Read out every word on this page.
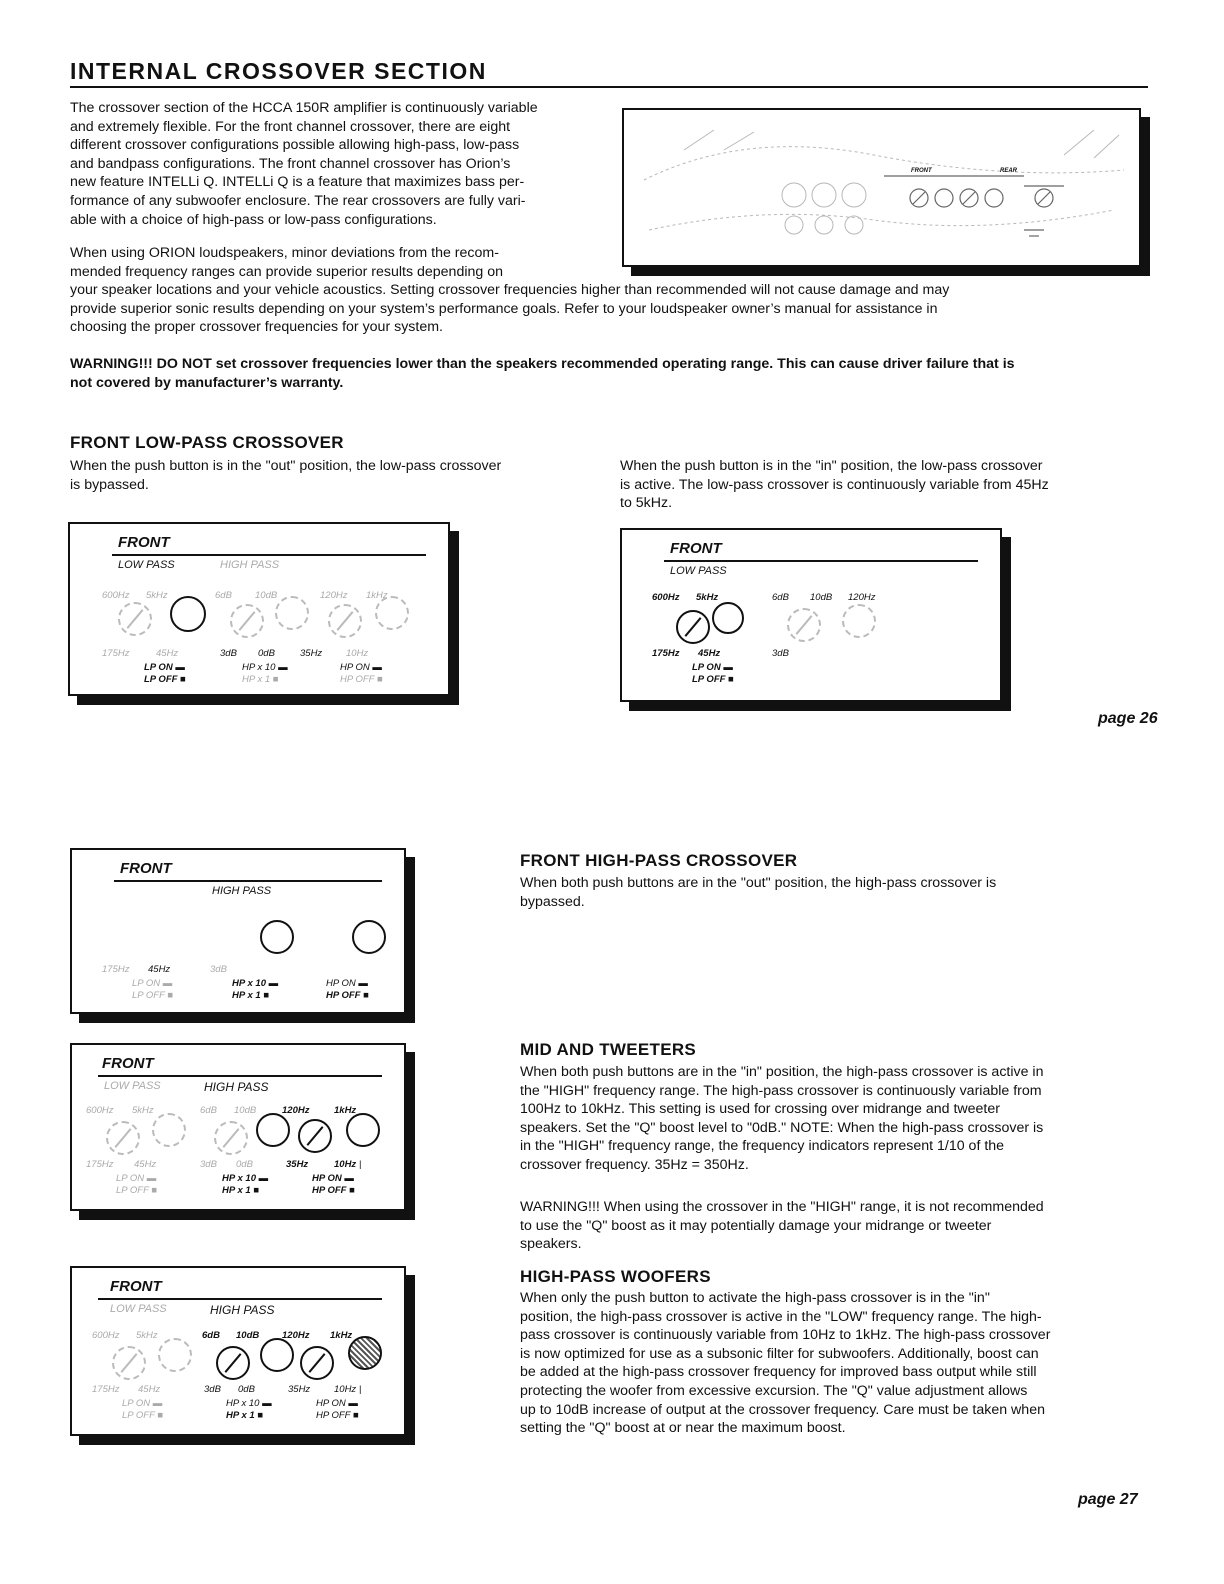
INTERNAL CROSSOVER SECTION

The crossover section of the HCCA 150R amplifier is continuously variable

and extremely flexible. For the front channel crossover, there are eight

different crossover configurations possible allowing high-pass, low-pass

and bandpass configurations. The front channel crossover has Orion’s

new feature INTELLi Q. INTELLi Q is a feature that maximizes bass per-

formance of any subwoofer enclosure. The rear crossovers are fully vari-

able with a choice of high-pass or low-pass configurations.

FRONT	REAR

When using ORION loudspeakers, minor deviations from the recom-

mended frequency ranges can provide superior results depending on

your speaker locations and your vehicle acoustics. Setting crossover frequencies higher than recommended will not cause damage and may

provide superior sonic results depending on your system’s performance goals. Refer to your loudspeaker owner’s manual for assistance in

choosing the proper crossover frequencies for your system.

WARNING!!! DO NOT set crossover frequencies lower than the speakers recommended operating range. This can cause driver failure that is

not covered by manufacturer’s warranty.

FRONT LOW-PASS CROSSOVER

When the push button is in the "out" position, the low-pass crossover

is bypassed.

When the push button is in the "in" position, the low-pass crossover

is active. The low-pass crossover is continuously variable from 45Hz

to 5kHz.

FRONT
LOW PASS	HIGH PASS
600Hz 5kHz	6dB 10dB	120Hz 1kHz
175Hz	45Hz	3dB 0dB	35Hz	10Hz
LP ON ▬
LP OFF ■
HP x 10 ▬
HP x 1 ■
HP ON ▬
HP OFF ■
FRONT
LOW PASS
600Hz 5kHz	6dB 10dB 120Hz
175Hz 45Hz	3dB
LP ON ▬
LP OFF ■
page 26
FRONT
HIGH PASS
175Hz 45Hz	3dB
LP ON ▬
LP OFF ■
HP x 10 ▬
HP x 1 ■
HP ON ▬
HP OFF ■
FRONT HIGH-PASS CROSSOVER

When both push buttons are in the "out" position, the high-pass crossover is

bypassed.

FRONT
LOW PASS	HIGH PASS
600Hz 5kHz	6dB 10dB	120Hz	1kHz
175Hz 45Hz	3dB 0dB	35Hz	10Hz |
LP ON ▬
LP OFF ■
HP x 10 ▬
HP x 1 ■
HP ON ▬
HP OFF ■
MID AND TWEETERS

When both push buttons are in the "in" position, the high-pass crossover is active in

the "HIGH" frequency range. The high-pass crossover is continuously variable from

100Hz to 10kHz. This setting is used for crossing over midrange and tweeter

speakers. Set the "Q" boost level to "0dB." NOTE: When the high-pass crossover is

in the "HIGH" frequency range, the frequency indicators represent 1/10 of the

crossover frequency. 35Hz = 350Hz.

WARNING!!! When using the crossover in the "HIGH" range, it is not recommended

to use the "Q" boost as it may potentially damage your midrange or tweeter

speakers.

FRONT
LOW PASS	HIGH PASS
600Hz 5kHz	6dB 10dB 120Hz 1kHz
175Hz 45Hz	3dB 0dB	35Hz	10Hz |
LP ON ▬
LP OFF ■
HP x 10 ▬
HP x 1 ■
HP ON ▬
HP OFF ■
HIGH-PASS WOOFERS

When only the push button to activate the high-pass crossover is in the "in"

position, the high-pass crossover is active in the "LOW" frequency range. The high-

pass crossover is continuously variable from 10Hz to 1kHz. The high-pass crossover

is now optimized for use as a subsonic filter for subwoofers. Additionally, boost can

be added at the high-pass crossover frequency for improved bass output while still

protecting the woofer from excessive excursion. The "Q" value adjustment allows

up to 10dB increase of output at the crossover frequency. Care must be taken when

setting the "Q" boost at or near the maximum boost.

page 27
